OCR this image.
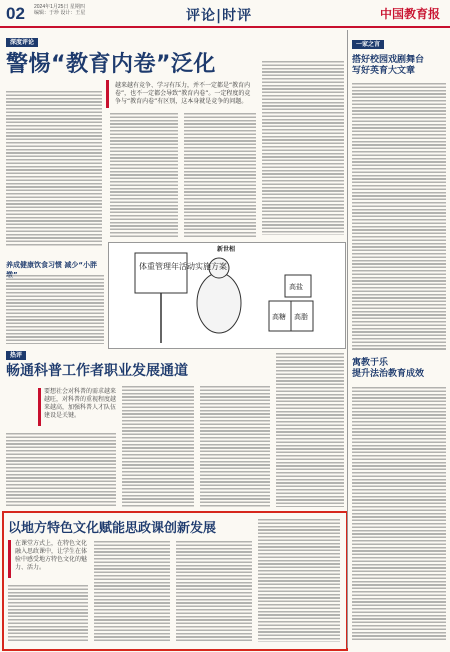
02 2024年1月25日 星期四
编辑：于珍 设计：王星	评论|时评	中国教育报
深度评论
警惕“教育内卷”泛化
越来越有竞争、学习有压力，并不一定都是“教育内卷”，也不一定都会导致“教育内卷”。一定程度的竞争与“教育内卷”有区别，这本身就是竞争的问题。
体重管理年活动实施方案
高糖 高脂
高盐
新世相
养成健康饮食习惯 减少“小胖
热评
畅通科普工作者职业发展通道
要想社会对科普的需求越来越旺，对科普的重视程度越来越高，加强科普人才队伍建设是关键。
以地方特色文化赋能思政课创新发展
在课堂方式上，在特色文化融入思政课中，让学生在体验中感受地方特色文化的魅力、活力。
一家之言
搭好校园戏剧舞台
写好英育大文章
寓教于乐
提升法治教育成效
